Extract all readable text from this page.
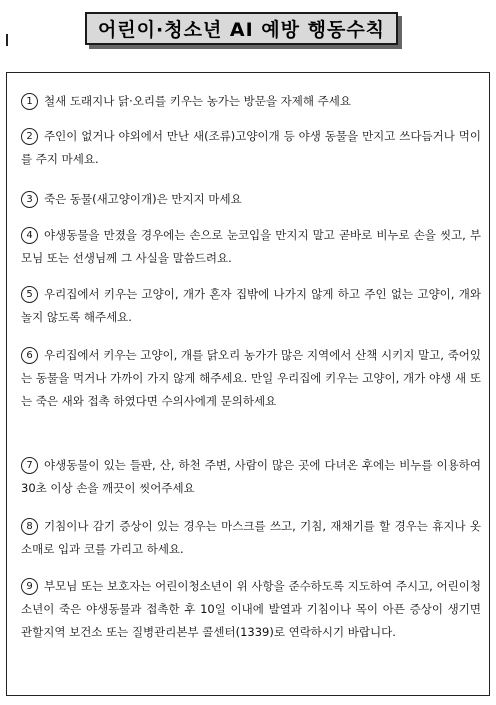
어린이·청소년 AI 예방 행동수칙
1 철새 도래지나 닭·오리를 키우는 농가는 방문을 자제해 주세요
2 주인이 없거나 야외에서 만난 새(조류)고양이개 등 야생 동물을 만지고 쓰다듬거나 먹이를 주지 마세요.
3 죽은 동물(새고양이개)은 만지지 마세요
4 야생동물을 만졌을 경우에는 손으로 눈코입을 만지지 말고 곧바로 비누로 손을 씻고, 부모님 또는 선생님께 그 사실을 말씀드려요.
5 우리집에서 키우는 고양이, 개가 혼자 집밖에 나가지 않게 하고 주인 없는 고양이, 개와 놀지 않도록 해주세요.
6 우리집에서 키우는 고양이, 개를 닭오리 농가가 많은 지역에서 산책 시키지 말고, 죽어있는 동물을 먹거나 가까이 가지 않게 해주세요. 만일 우리집에 키우는 고양이, 개가 야생 새 또는 죽은 새와 접촉 하였다면 수의사에게 문의하세요
7 야생동물이 있는 들판, 산, 하천 주변, 사람이 많은 곳에 다녀온 후에는 비누를 이용하여 30초 이상 손을 깨끗이 씻어주세요
8 기침이나 감기 증상이 있는 경우는 마스크를 쓰고, 기침, 재채기를 할 경우는 휴지나 옷소매로 입과 코를 가리고 하세요.
9 부모님 또는 보호자는 어린이청소년이 위 사항을 준수하도록 지도하여 주시고, 어린이청소년이 죽은 야생동물과 접촉한 후 10일 이내에 발열과 기침이나 목이 아픈 증상이 생기면 관할지역 보건소 또는 질병관리본부 콜센터(1339)로 연락하시기 바랍니다.
